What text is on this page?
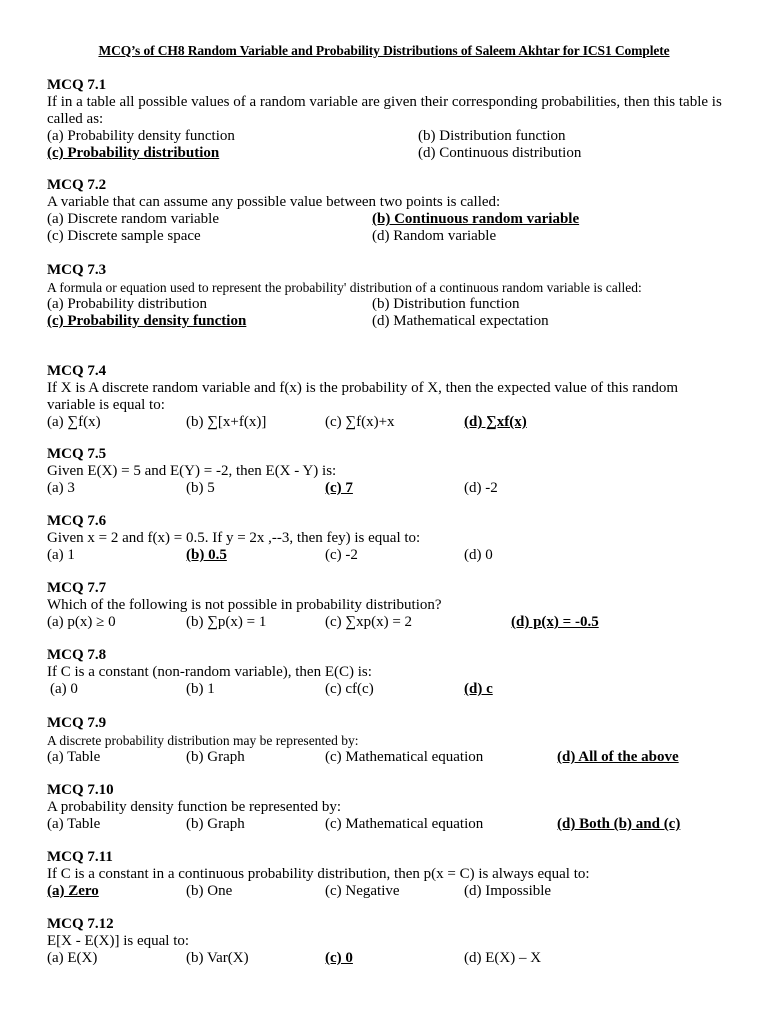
MCQ’s of CH8 Random Variable and Probability Distributions of Saleem Akhtar for ICS1 Complete
MCQ 7.1
If in a table all possible values of a random variable are given their corresponding probabilities, then this table is called as:
(a) Probability density function	(b) Distribution function
(c) Probability distribution	(d) Continuous distribution
MCQ 7.2
A variable that can assume any possible value between two points is called:
(a) Discrete random variable	(b) Continuous random variable
(c) Discrete sample space	(d) Random variable
MCQ 7.3
A formula or equation used to represent the probability' distribution of a continuous random variable is called:
(a) Probability distribution	(b) Distribution function
(c) Probability density function	(d) Mathematical expectation
MCQ 7.4
If X is A discrete random variable and f(x) is the probability of X, then the expected value of this random variable is equal to:
(a) ∑f(x)	(b) ∑[x+f(x)]	(c) ∑f(x)+x	(d) ∑xf(x)
MCQ 7.5
Given E(X) = 5 and E(Y) = -2, then E(X - Y) is:
(a) 3	(b) 5	(c) 7	(d) -2
MCQ 7.6
Given x = 2 and f(x) = 0.5. If y = 2x ,--3, then fey) is equal to:
(a) 1	(b) 0.5	(c) -2	(d) 0
MCQ 7.7
Which of the following is not possible in probability distribution?
(a) p(x) ≥ 0	(b) ∑p(x) = 1	(c) ∑xp(x) = 2	(d) p(x) = -0.5
MCQ 7.8
If C is a constant (non-random variable), then E(C) is:
(a) 0	(b) 1	(c) cf(c)	(d) c
MCQ 7.9
A discrete probability distribution may be represented by:
(a) Table	(b) Graph	(c) Mathematical equation	(d) All of the above
MCQ 7.10
A probability density function be represented by:
(a) Table	(b) Graph	(c) Mathematical equation	(d) Both (b) and (c)
MCQ 7.11
If C is a constant in a continuous probability distribution, then p(x = C) is always equal to:
(a) Zero	(b) One	(c) Negative	(d) Impossible
MCQ 7.12
E[X - E(X)] is equal to:
(a) E(X)	(b) Var(X)	(c) 0	(d) E(X) – X
